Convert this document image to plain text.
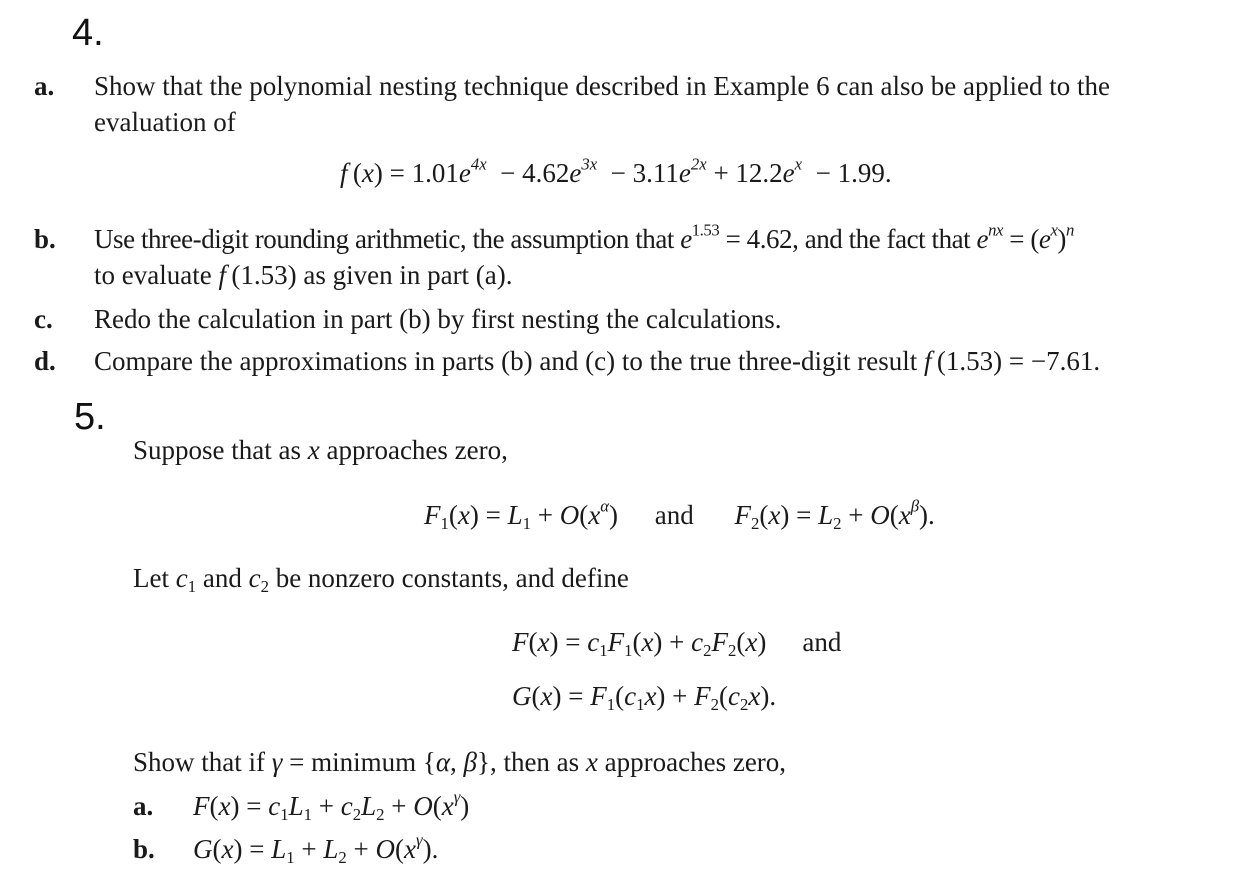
4.
a. Show that the polynomial nesting technique described in Example 6 can also be applied to the
evaluation of
f $(x) = 1.01e^{4x} - 4.62e^{3x} - 3.11e^{2x} + 12.2e^x - 1.99$.
b. Use three-digit rounding arithmetic, the assumption that $e^{1.53} = 4.62$, and the fact that $e^{nx} = (e^x)^n$
to evaluate f (1.53) as given in part (a).
c. Redo the calculation in part (b) by first nesting the calculations.
d. Compare the approximations in parts (b) and (c) to the true three-digit result f (1.53) = −7.61.
5.
Suppose that as x approaches zero,
$F_1(x) = L_1 + O(x^\alpha)$ and $F_2(x) = L_2 + O(x^\beta)$.
Let $c_1$ and $c_2$ be nonzero constants, and define
$F(x) = c_1F_1(x) + c_2F_2(x)$ and
$G(x) = F_1(c_1x) + F_2(c_2x)$.
Show that if γ = minimum {α, β}, then as x approaches zero,
a. $F(x) = c_1L_1 + c_2L_2 + O(x^\gamma)$
b. $G(x) = L_1 + L_2 + O(x^\gamma)$.
